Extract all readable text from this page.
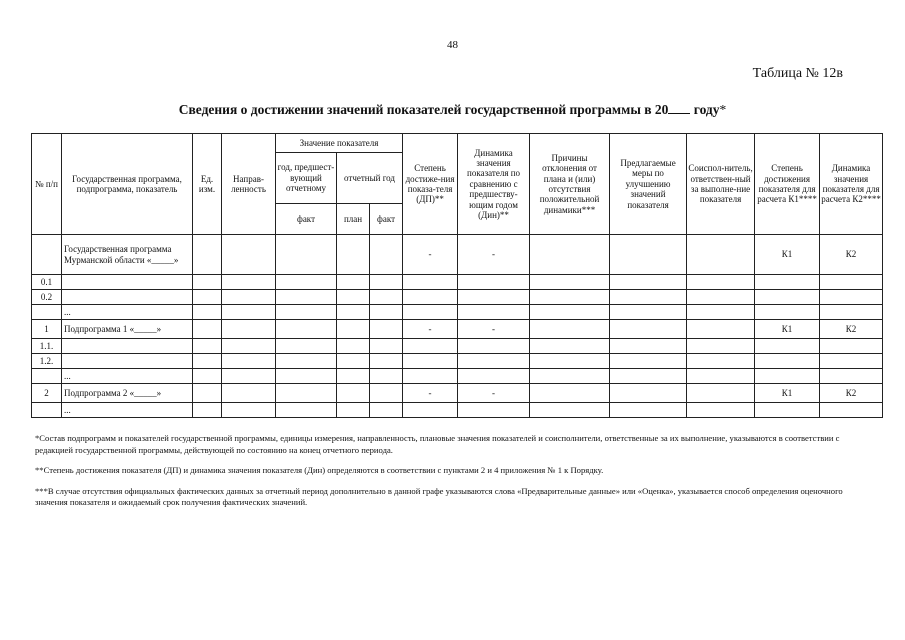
48
Таблица № 12в
Сведения о достижении значений показателей государственной программы в 20 году*
№ п/п	Государственная программа, подпрограмма, показатель	Ед. изм.	Направ-ленность	Значение показателя			Степень достиже-ния показа-теля (ДП)**	Динамика значения показателя по сравнению с предшеству-ющим годом (Дин)**	Причины отклонения от плана и (или) отсутствия положительной динамики***	Предлагаемые меры по улучшению значений показателя	Соиспол-нитель, ответствен-ный за выполне-ние показателя	Степень достижения показателя для расчета К1****	Динамика значения показателя для расчета К2****
				год, предшест-вующий отчетному	отчетный год								
				факт	план	факт							
	Государственная программа Мурманской области «_____»						-	-				К1	К2
0.1													
0.2													
	...												
1	Подпрограмма 1 «_____»						-	-				К1	К2
1.1.													
1.2.													
	...												
2	Подпрограмма 2 «_____»						-	-				К1	К2
	...												

*Состав подпрограмм и показателей государственной программы, единицы измерения, направленность, плановые значения показателей и соисполнители, ответственные за их выполнение, указываются в соответствии с редакцией государственной программы, действующей по состоянию на конец отчетного периода.

**Степень достижения показателя (ДП) и динамика значения показателя (Дин) определяются в соответствии с пунктами 2 и 4 приложения № 1 к Порядку.

***В случае отсутствия официальных фактических данных за отчетный период дополнительно в данной графе указываются слова «Предварительные данные» или «Оценка», указывается способ определения оценочного значения показателя и ожидаемый срок получения фактических значений.
